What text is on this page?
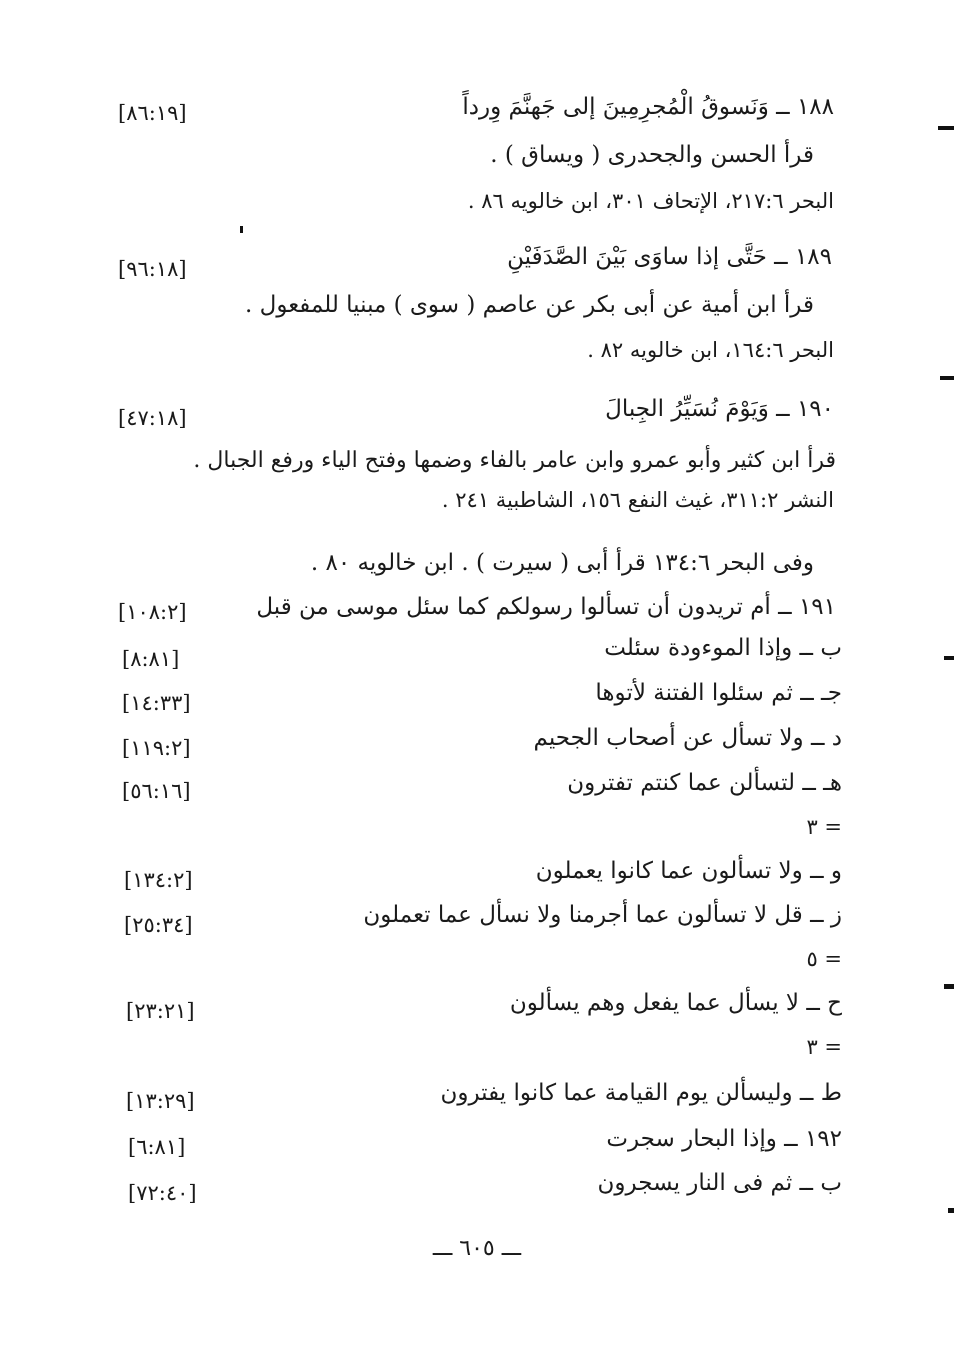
١٨٨ ــ وَنَسوقُ الْمُجرِمِينَ إلى جَهنَّمَ وِرداً
[٨٦:١٩]
قرأ الحسن والجحدرى ( ويساق ) .
البحر ٢١٧:٦، الإتحاف ٣٠١، ابن خالويه ٨٦ .
١٨٩ ــ حَتَّى إذا ساوَى بَيْنَ الصَّدَفَيْنِ
[٩٦:١٨]
قرأ ابن أمية عن أبى بكر عن عاصم ( سوى ) مبنيا للمفعول .
البحر ١٦٤:٦، ابن خالويه ٨٢ .
١٩٠ ــ وَيَوْمَ نُسَيِّرُ الجِبالَ
[٤٧:١٨]
قرأ ابن كثير وأبو عمرو وابن عامر بالفاء وضمها وفتح الياء ورفع الجبال .
النشر ٣١١:٢، غيث النفع ١٥٦، الشاطبية ٢٤١ .
وفى البحر ١٣٤:٦ قرأ أبى ( سيرت ) . ابن خالويه ٨٠ .
١٩١ ــ أم تريدون أن تسألوا رسولكم كما سئل موسى من قبل
[١٠٨:٢]
ب ــ وإذا الموءودة سئلت
[٨:٨١]
جـ ــ ثم سئلوا الفتنة لأتوها
[١٤:٣٣]
د ــ ولا تسأل عن أصحاب الجحيم
[١١٩:٢]
هـ ــ لتسألن عما كنتم تفترون
[٥٦:١٦]
= ٣
و ــ ولا تسألون عما كانوا يعملون
[١٣٤:٢]
ز ــ قل لا تسألون عما أجرمنا ولا نسأل عما تعملون
[٢٥:٣٤]
= ٥
ح ــ لا يسأل عما يفعل وهم يسألون
[٢٣:٢١]
= ٣
ط ــ وليسألن يوم القيامة عما كانوا يفترون
[١٣:٢٩]
١٩٢ ــ وإذا البحار سجرت
[٦:٨١]
ب ــ ثم فى النار يسجرون
[٧٢:٤٠]
ـــ ٦٠٥ ـــ
